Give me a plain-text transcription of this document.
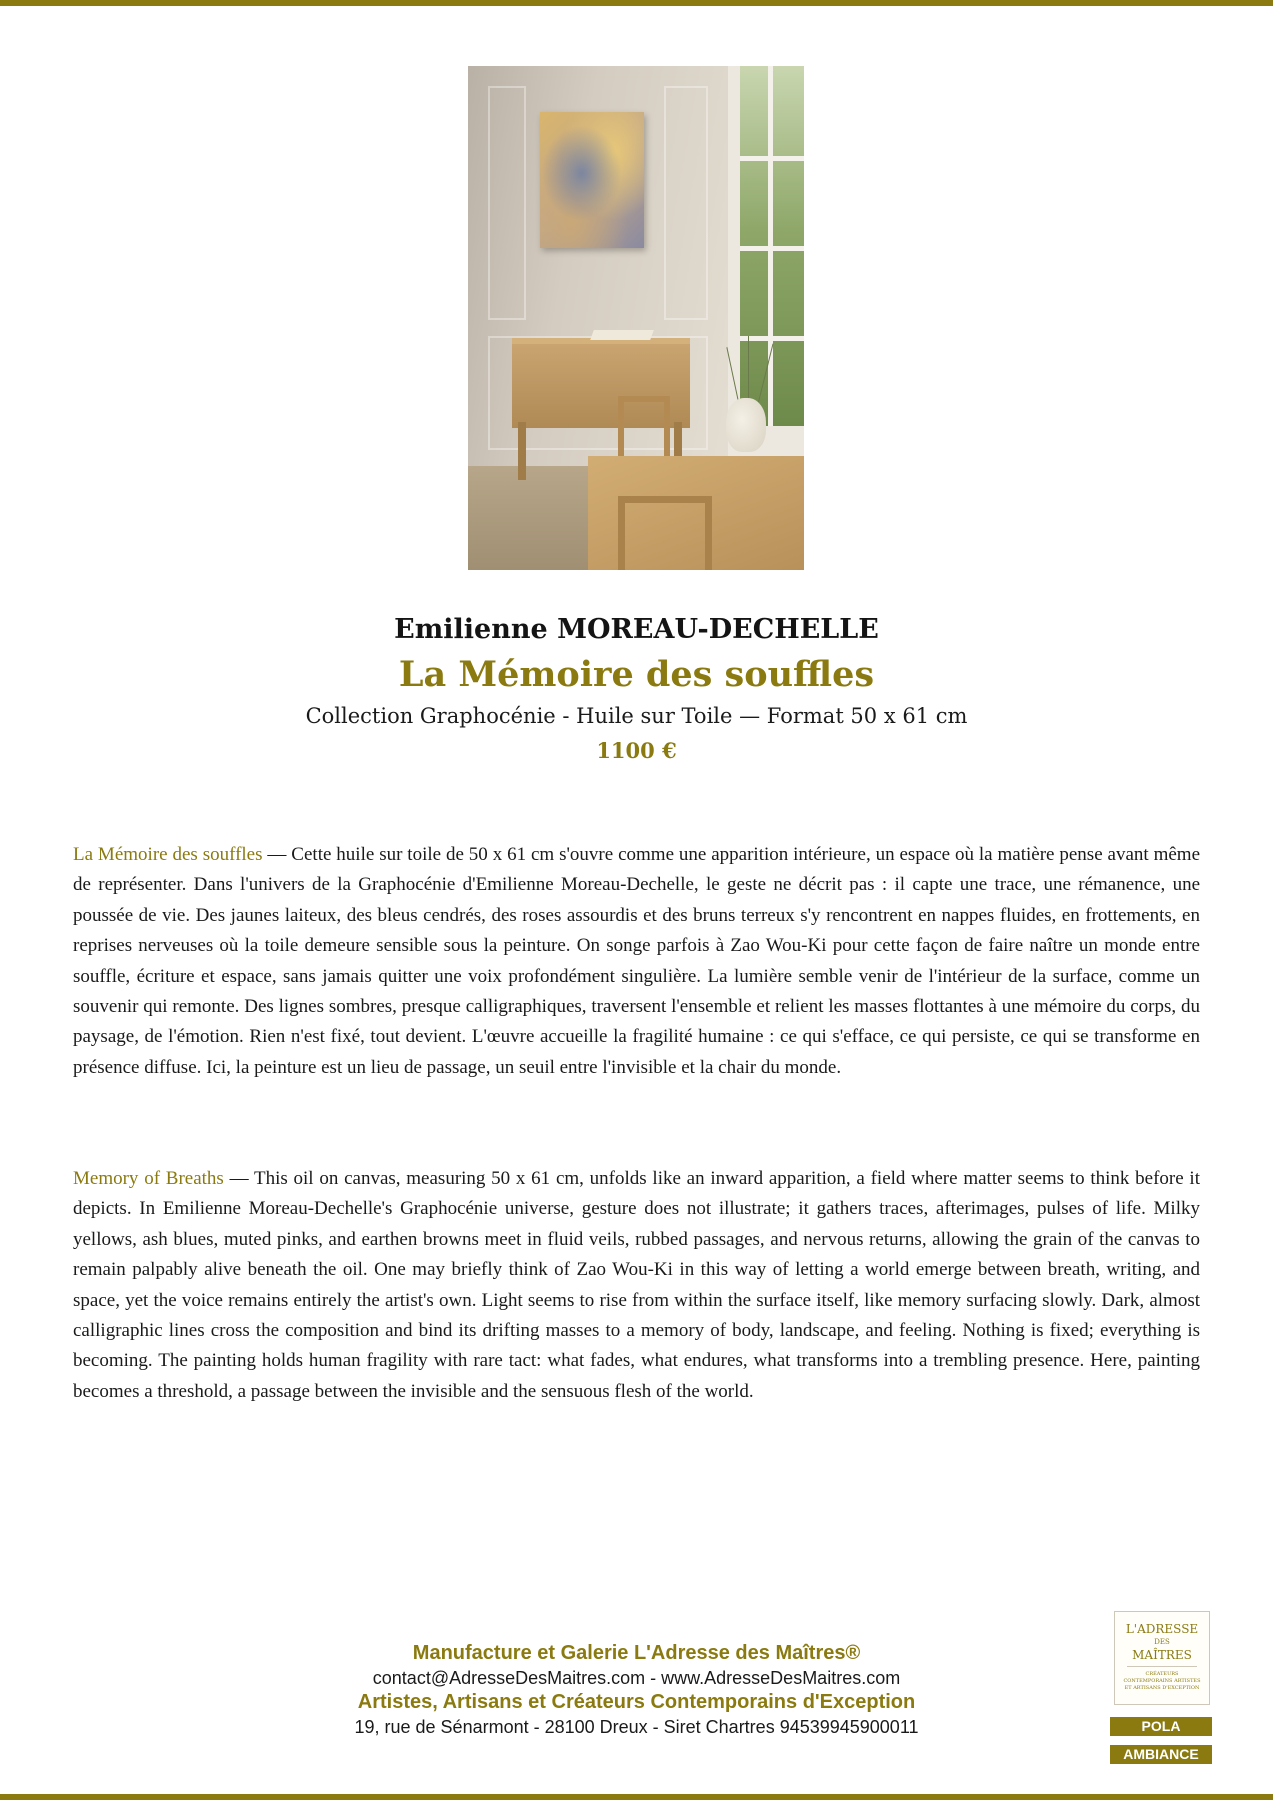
Emilienne MOREAU-DECHELLE
La Mémoire des souffles
Collection Graphocénie - Huile sur Toile — Format 50 x 61 cm
1100 €

La Mémoire des souffles — Cette huile sur toile de 50 x 61 cm s'ouvre comme une apparition intérieure, un espace où la matière pense avant même de représenter. Dans l'univers de la Graphocénie d'Emilienne Moreau-Dechelle, le geste ne décrit pas : il capte une trace, une rémanence, une poussée de vie. Des jaunes laiteux, des bleus cendrés, des roses assourdis et des bruns terreux s'y rencontrent en nappes fluides, en frottements, en reprises nerveuses où la toile demeure sensible sous la peinture. On songe parfois à Zao Wou-Ki pour cette façon de faire naître un monde entre souffle, écriture et espace, sans jamais quitter une voix profondément singulière. La lumière semble venir de l'intérieur de la surface, comme un souvenir qui remonte. Des lignes sombres, presque calligraphiques, traversent l'ensemble et relient les masses flottantes à une mémoire du corps, du paysage, de l'émotion. Rien n'est fixé, tout devient. L'œuvre accueille la fragilité humaine : ce qui s'efface, ce qui persiste, ce qui se transforme en présence diffuse. Ici, la peinture est un lieu de passage, un seuil entre l'invisible et la chair du monde.

Memory of Breaths — This oil on canvas, measuring 50 x 61 cm, unfolds like an inward apparition, a field where matter seems to think before it depicts. In Emilienne Moreau-Dechelle's Graphocénie universe, gesture does not illustrate; it gathers traces, afterimages, pulses of life. Milky yellows, ash blues, muted pinks, and earthen browns meet in fluid veils, rubbed passages, and nervous returns, allowing the grain of the canvas to remain palpably alive beneath the oil. One may briefly think of Zao Wou-Ki in this way of letting a world emerge between breath, writing, and space, yet the voice remains entirely the artist's own. Light seems to rise from within the surface itself, like memory surfacing slowly. Dark, almost calligraphic lines cross the composition and bind its drifting masses to a memory of body, landscape, and feeling. Nothing is fixed; everything is becoming. The painting holds human fragility with rare tact: what fades, what endures, what transforms into a trembling presence. Here, painting becomes a threshold, a passage between the invisible and the sensuous flesh of the world.

Manufacture et Galerie L'Adresse des Maîtres®
contact@AdresseDesMaitres.com - www.AdresseDesMaitres.com
Artistes, Artisans et Créateurs Contemporains d'Exception
19, rue de Sénarmont - 28100 Dreux - Siret Chartres 94539945900011
L'ADRESSE
DES
MAÎTRES
CRÉATEURS CONTEMPORAINS ARTISTES ET ARTISANS D'EXCEPTION
POLA
AMBIANCE
